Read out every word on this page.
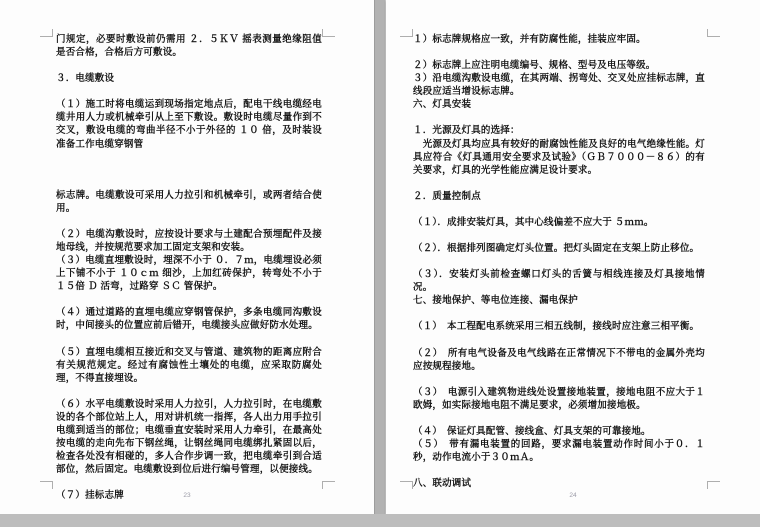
门规定，必要时敷设前仍需用 ２．５ＫＶ 摇表测量绝缘阻值是否合格，合格后方可敷设。

３．电缆敷设

（１）施工时将电缆运到现场指定地点后，配电干线电缆经电缆井用人力或机械牵引从上至下敷设。敷设时电缆尽量作到不交叉，敷设电缆的弯曲半径不小于外径的 １０ 倍，及时装设准备工作电缆穿钢管

标志牌。电缆敷设可采用人力拉引和机械牵引，或两者结合使用。

（２）电缆沟敷设时，应按设计要求与土建配合预埋配件及接地母线，并按规范要求加工固定支架和安装。

（３）电缆直埋敷设时，埋深不小于 ０．７ｍ，电缆埋设必须上下铺不小于 １０ｃｍ 细沙，上加红砖保护，转弯处不小于 １５倍 Ｄ 活弯，过路穿 ＳＣ 管保护。

（４）通过道路的直埋电缆应穿钢管保护，多条电缆同沟敷设时，中间接头的位置应前后错开，电缆接头应做好防水处理。

（５）直埋电缆相互接近和交叉与管道、建筑物的距离应附合有关规范规定。经过有腐蚀性土壤处的电缆，应采取防腐处理，不得直接埋设。

（６）水平电缆敷设时采用人力拉引，人力拉引时，在电缆敷设的各个部位站上人，用对讲机统一指挥，各人出力用手拉引电缆到适当的部位；电缆垂直安装时采用人力牵引，在最高处按电缆的走向先布下钢丝绳，让钢丝绳同电缆绑扎紧固以后，检查各处没有相碰的，多人合作步调一致，把电缆牵引到合适部位，然后固定。电缆敷设到位后进行编号管理，以便接线。

（７）挂标志牌	23

１）标志牌规格应一致，并有防腐性能，挂装应牢固。

２）标志牌上应注明电缆编号、规格、型号及电压等级。

３）沿电缆沟敷设电缆，在其两端、拐弯处、交叉处应挂标志牌，直线段应适当增设标志牌。

六、灯具安装

１．光源及灯具的选择：

　光源及灯具均应具有较好的耐腐蚀性能及良好的电气绝缘性能。灯具应符合《灯具通用安全要求及试验》（ＧＢ７０００－８６）的有关要求，灯具的光学性能应满足设计要求。

２．质量控制点

（１）．成排安装灯具，其中心线偏差不应大于 ５ｍｍ。

（２）．根据排列图确定灯头位置。把灯头固定在支架上防止移位。

（３）．安装灯头前检查螺口灯头的舌簧与相线连接及灯具接地情况。

七、接地保护、等电位连接、漏电保护

（１）　本工程配电系统采用三相五线制，接线时应注意三相平衡。

（２）　所有电气设备及电气线路在正常情况下不带电的金属外壳均应按规程接地。

（３）　电源引入建筑物进线处设置接地装置，接地电阻不应大于１欧姆，如实际接地电阻不满足要求，必须增加接地极。

（４）　保证灯具配管、接线盒、灯具支架的可靠接地。

（５）　带有漏电装置的回路，要求漏电装置动作时间小于０．１秒，动作电流小于３０ｍＡ。

八、联动调试

24
